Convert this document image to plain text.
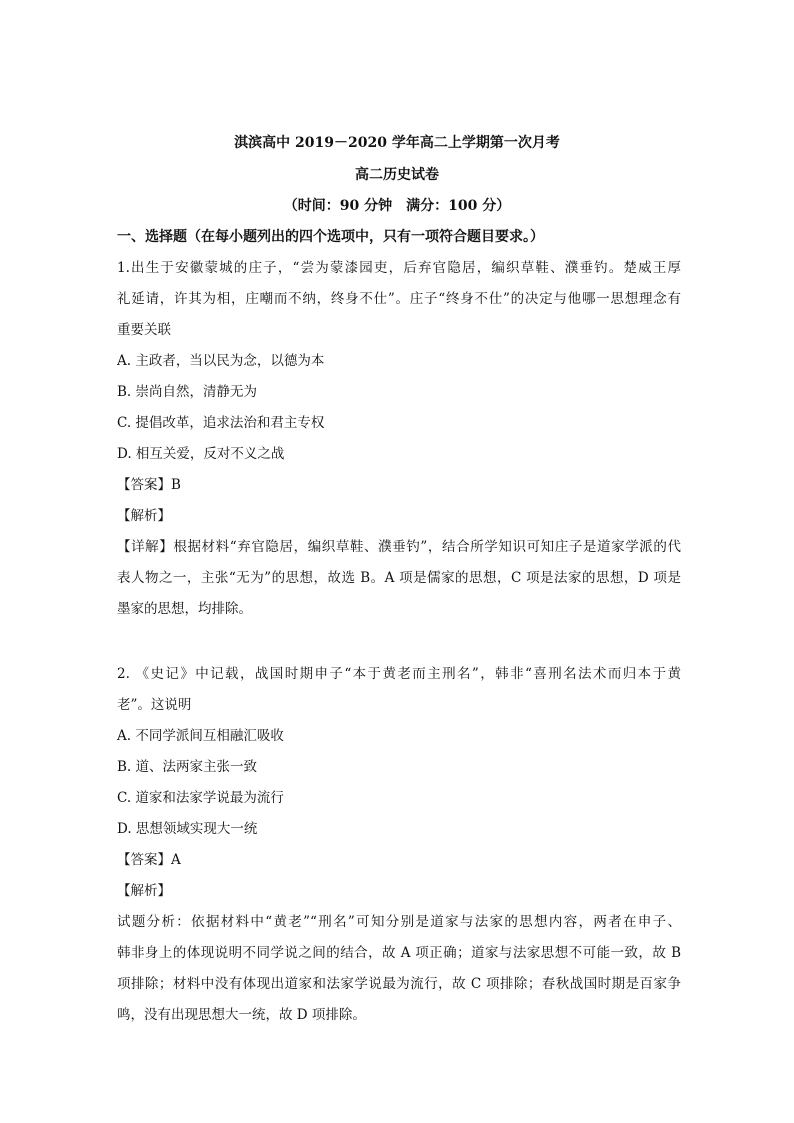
淇滨高中 2019－2020 学年高二上学期第一次月考
高二历史试卷
（时间：90 分钟　满分：100 分）
一、选择题（在每小题列出的四个选项中，只有一项符合题目要求。）
1.出生于安徽蒙城的庄子，“尝为蒙漆园吏，后弃官隐居，编织草鞋、濮垂钓。楚威王厚
礼延请，许其为相，庄嘲而不纳，终身不仕”。庄子“终身不仕”的决定与他哪一思想理念有
重要关联
A. 主政者，当以民为念，以德为本
B. 崇尚自然，清静无为
C. 提倡改革，追求法治和君主专权
D. 相互关爱，反对不义之战
【答案】B
【解析】
【详解】根据材料“弃官隐居，编织草鞋、濮垂钓”，结合所学知识可知庄子是道家学派的代
表人物之一，主张“无为”的思想，故选 B。A 项是儒家的思想，C 项是法家的思想，D 项是
墨家的思想，均排除。
2. 《史记》中记载，战国时期申子“本于黄老而主刑名”，韩非“喜刑名法术而归本于黄
老”。这说明
A. 不同学派间互相融汇吸收
B. 道、法两家主张一致
C. 道家和法家学说最为流行
D. 思想领域实现大一统
【答案】A
【解析】
试题分析：依据材料中“黄老”“刑名”可知分别是道家与法家的思想内容，两者在申子、
韩非身上的体现说明不同学说之间的结合，故 A 项正确；道家与法家思想不可能一致，故 B
项排除；材料中没有体现出道家和法家学说最为流行，故 C 项排除；春秋战国时期是百家争
鸣，没有出现思想大一统，故 D 项排除。
